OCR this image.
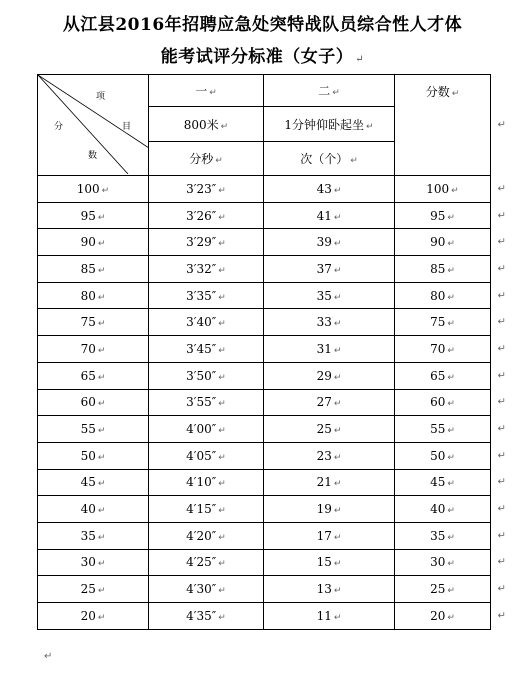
从江县2016年招聘应急处突特战队员综合性人才体
能考试评分标准（女子） ↵
项
目
分
数	一 ↵	二 ↵	分数 ↵
↵

	800米 ↵	1分钟仰卧起坐 ↵	
	分秒 ↵	次（个） ↵	
100 ↵	3′23″ ↵	43 ↵	100 ↵ ↵

95 ↵	3′26″ ↵	41 ↵	95 ↵ ↵

90 ↵	3′29″ ↵	39 ↵	90 ↵ ↵

85 ↵	3′32″ ↵	37 ↵	85 ↵ ↵

80 ↵	3′35″ ↵	35 ↵	80 ↵ ↵

75 ↵	3′40″ ↵	33 ↵	75 ↵ ↵

70 ↵	3′45″ ↵	31 ↵	70 ↵ ↵

65 ↵	3′50″ ↵	29 ↵	65 ↵ ↵

60 ↵	3′55″ ↵	27 ↵	60 ↵ ↵

55 ↵	4′00″ ↵	25 ↵	55 ↵ ↵

50 ↵	4′05″ ↵	23 ↵	50 ↵ ↵

45 ↵	4′10″ ↵	21 ↵	45 ↵ ↵

40 ↵	4′15″ ↵	19 ↵	40 ↵ ↵

35 ↵	4′20″ ↵	17 ↵	35 ↵ ↵

30 ↵	4′25″ ↵	15 ↵	30 ↵ ↵

25 ↵	4′30″ ↵	13 ↵	25 ↵ ↵

20 ↵	4′35″ ↵	11 ↵	20 ↵ ↵
↵
